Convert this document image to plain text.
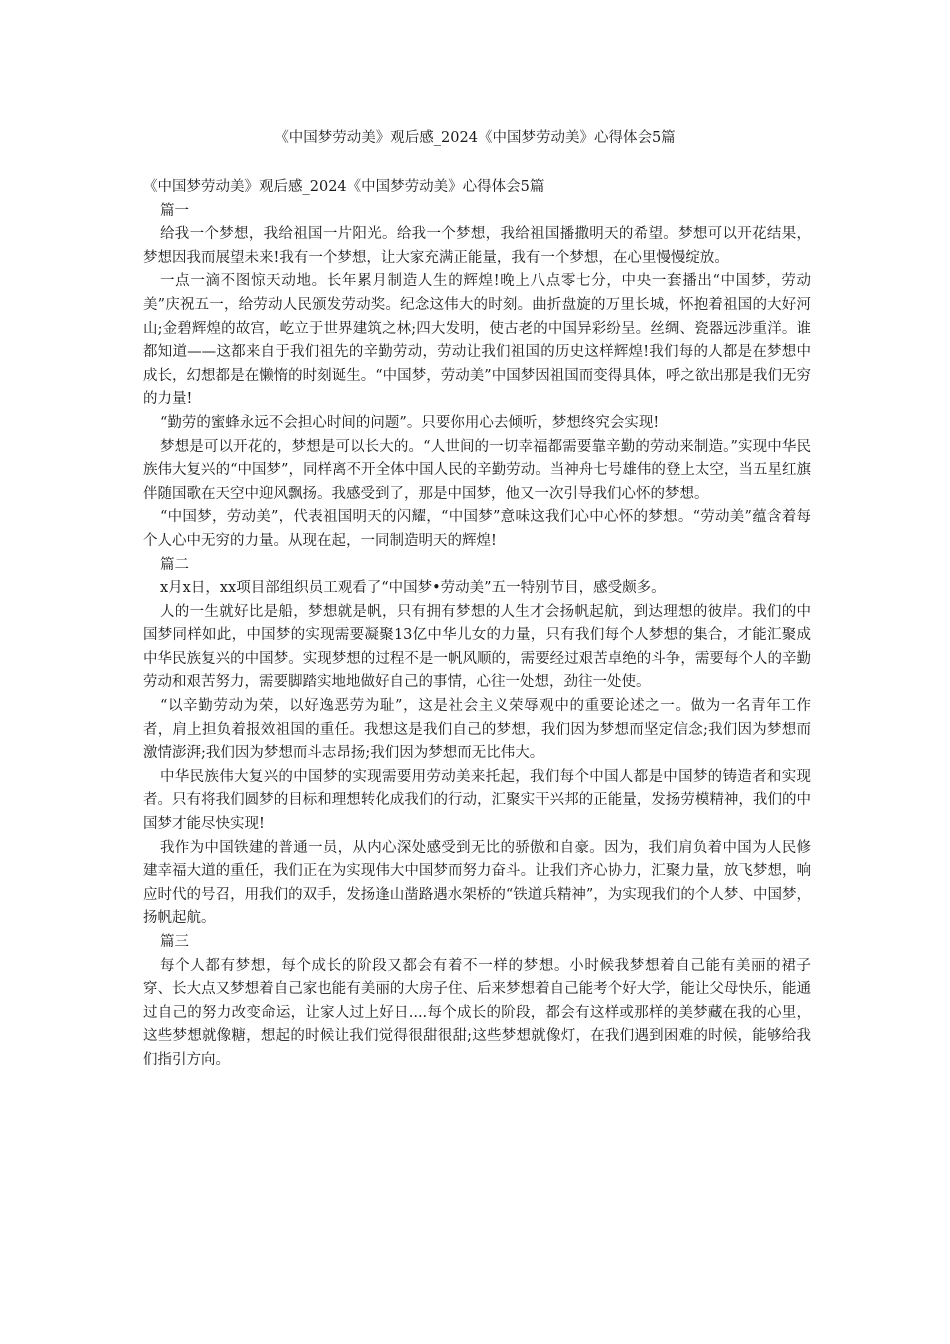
《中国梦劳动美》观后感_2024《中国梦劳动美》心得体会5篇

《中国梦劳动美》观后感_2024《中国梦劳动美》心得体会5篇

篇一

给我一个梦想，我给祖国一片阳光。给我一个梦想，我给祖国播撒明天的希望。梦想可以开花结果，梦想因我而展望未来!我有一个梦想，让大家充满正能量，我有一个梦想，在心里慢慢绽放。

一点一滴不图惊天动地。长年累月制造人生的辉煌!晚上八点零七分，中央一套播出“中国梦，劳动美”庆祝五一，给劳动人民颁发劳动奖。纪念这伟大的时刻。曲折盘旋的万里长城，怀抱着祖国的大好河山;金碧辉煌的故宫，屹立于世界建筑之林;四大发明，使古老的中国异彩纷呈。丝绸、瓷器远涉重洋。谁都知道——这都来自于我们祖先的辛勤劳动，劳动让我们祖国的历史这样辉煌!我们每的人都是在梦想中成长，幻想都是在懒惰的时刻诞生。“中国梦，劳动美”中国梦因祖国而变得具体，呼之欲出那是我们无穷的力量!

“勤劳的蜜蜂永远不会担心时间的问题”。只要你用心去倾听，梦想终究会实现!

梦想是可以开花的，梦想是可以长大的。“人世间的一切幸福都需要靠辛勤的劳动来制造。”实现中华民族伟大复兴的“中国梦”，同样离不开全体中国人民的辛勤劳动。当神舟七号雄伟的登上太空，当五星红旗伴随国歌在天空中迎风飘扬。我感受到了，那是中国梦，他又一次引导我们心怀的梦想。

“中国梦，劳动美”，代表祖国明天的闪耀，“中国梦”意味这我们心中心怀的梦想。“劳动美”蕴含着每个人心中无穷的力量。从现在起，一同制造明天的辉煌!

篇二

x月x日，xx项目部组织员工观看了“中国梦•劳动美”五一特别节目，感受颇多。

人的一生就好比是船，梦想就是帆，只有拥有梦想的人生才会扬帆起航，到达理想的彼岸。我们的中国梦同样如此，中国梦的实现需要凝聚13亿中华儿女的力量，只有我们每个人梦想的集合，才能汇聚成中华民族复兴的中国梦。实现梦想的过程不是一帆风顺的，需要经过艰苦卓绝的斗争，需要每个人的辛勤劳动和艰苦努力，需要脚踏实地地做好自己的事情，心往一处想，劲往一处使。

“以辛勤劳动为荣，以好逸恶劳为耻”，这是社会主义荣辱观中的重要论述之一。做为一名青年工作者，肩上担负着报效祖国的重任。我想这是我们自己的梦想，我们因为梦想而坚定信念;我们因为梦想而激情澎湃;我们因为梦想而斗志昂扬;我们因为梦想而无比伟大。

中华民族伟大复兴的中国梦的实现需要用劳动美来托起，我们每个中国人都是中国梦的铸造者和实现者。只有将我们圆梦的目标和理想转化成我们的行动，汇聚实干兴邦的正能量，发扬劳模精神，我们的中国梦才能尽快实现!

我作为中国铁建的普通一员，从内心深处感受到无比的骄傲和自豪。因为，我们肩负着中国为人民修建幸福大道的重任，我们正在为实现伟大中国梦而努力奋斗。让我们齐心协力，汇聚力量，放飞梦想，响应时代的号召，用我们的双手，发扬逢山凿路遇水架桥的“铁道兵精神”，为实现我们的个人梦、中国梦，扬帆起航。

篇三

每个人都有梦想，每个成长的阶段又都会有着不一样的梦想。小时候我梦想着自己能有美丽的裙子穿、长大点又梦想着自己家也能有美丽的大房子住、后来梦想着自己能考个好大学，能让父母快乐，能通过自己的努力改变命运，让家人过上好日....每个成长的阶段，都会有这样或那样的美梦藏在我的心里，这些梦想就像糖，想起的时候让我们觉得很甜很甜;这些梦想就像灯，在我们遇到困难的时候，能够给我们指引方向。
